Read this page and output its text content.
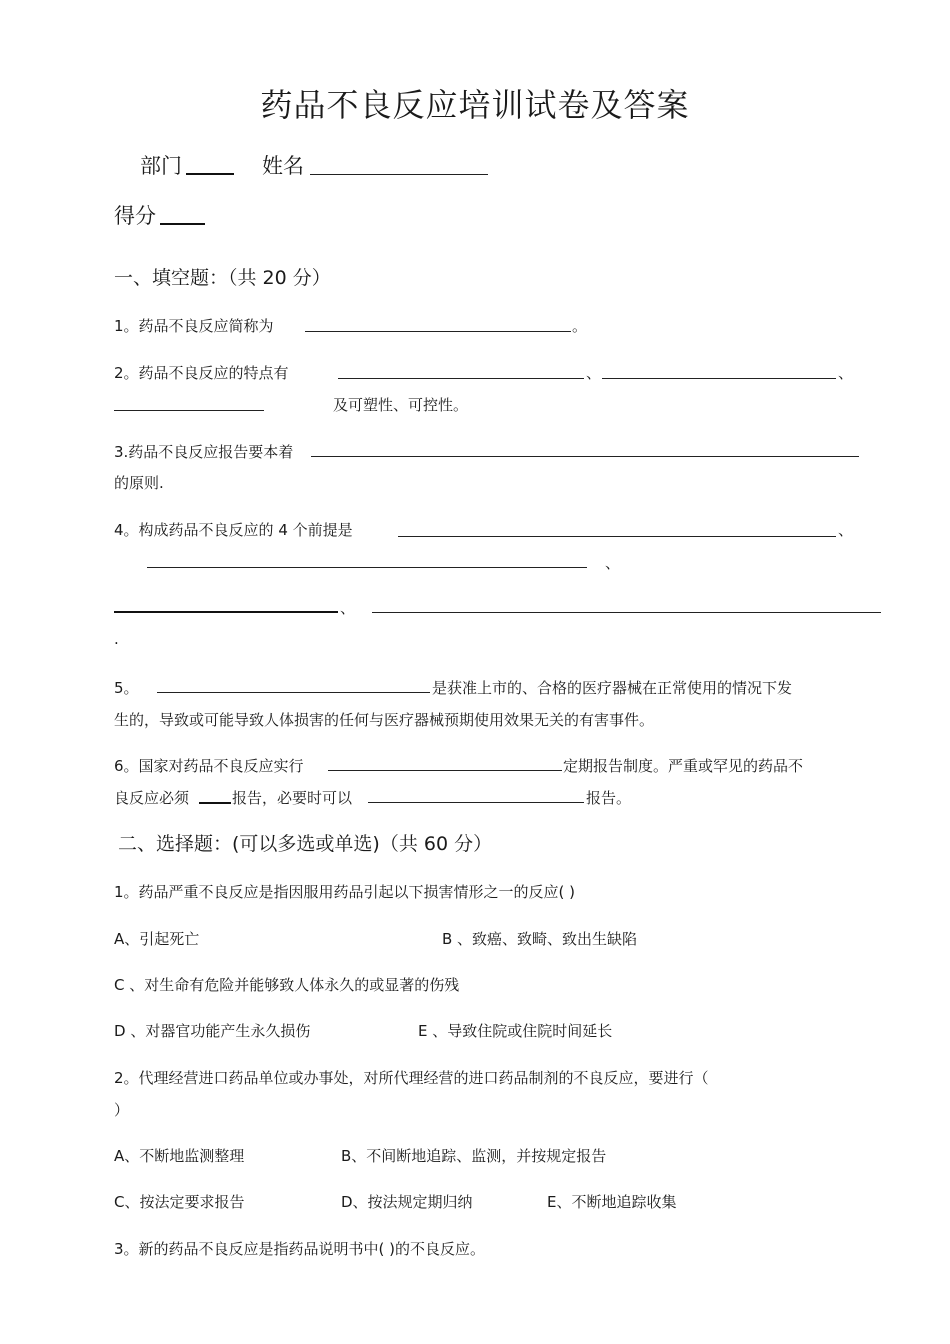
药品不良反应培训试卷及答案
部门	姓名
得分
一、填空题：（共 20 分）
1。药品不良反应简称为	。
2。药品不良反应的特点有	、	、
及可塑性、可控性。
3.药品不良反应报告要本着
的原则.
4。构成药品不良反应的 4 个前提是	、
、
、
.
5。	是获准上市的、合格的医疗器械在正常使用的情况下发
生的，导致或可能导致人体损害的任何与医疗器械预期使用效果无关的有害事件。
6。国家对药品不良反应实行	定期报告制度。严重或罕见的药品不
良反应必须	报告，必要时可以	报告。
二、选择题：(可以多选或单选)（共 60 分）
1。药品严重不良反应是指因服用药品引起以下损害情形之一的反应( )
A、引起死亡	B 、致癌、致畸、致出生缺陷
C 、对生命有危险并能够致人体永久的或显著的伤残
D 、对器官功能产生永久损伤	E 、导致住院或住院时间延长
2。代理经营进口药品单位或办事处，对所代理经营的进口药品制剂的不良反应，要进行（
）
A、不断地监测整理	B、不间断地追踪、监测，并按规定报告
C、按法定要求报告	D、按法规定期归纳	E、不断地追踪收集
3。新的药品不良反应是指药品说明书中( )的不良反应。
